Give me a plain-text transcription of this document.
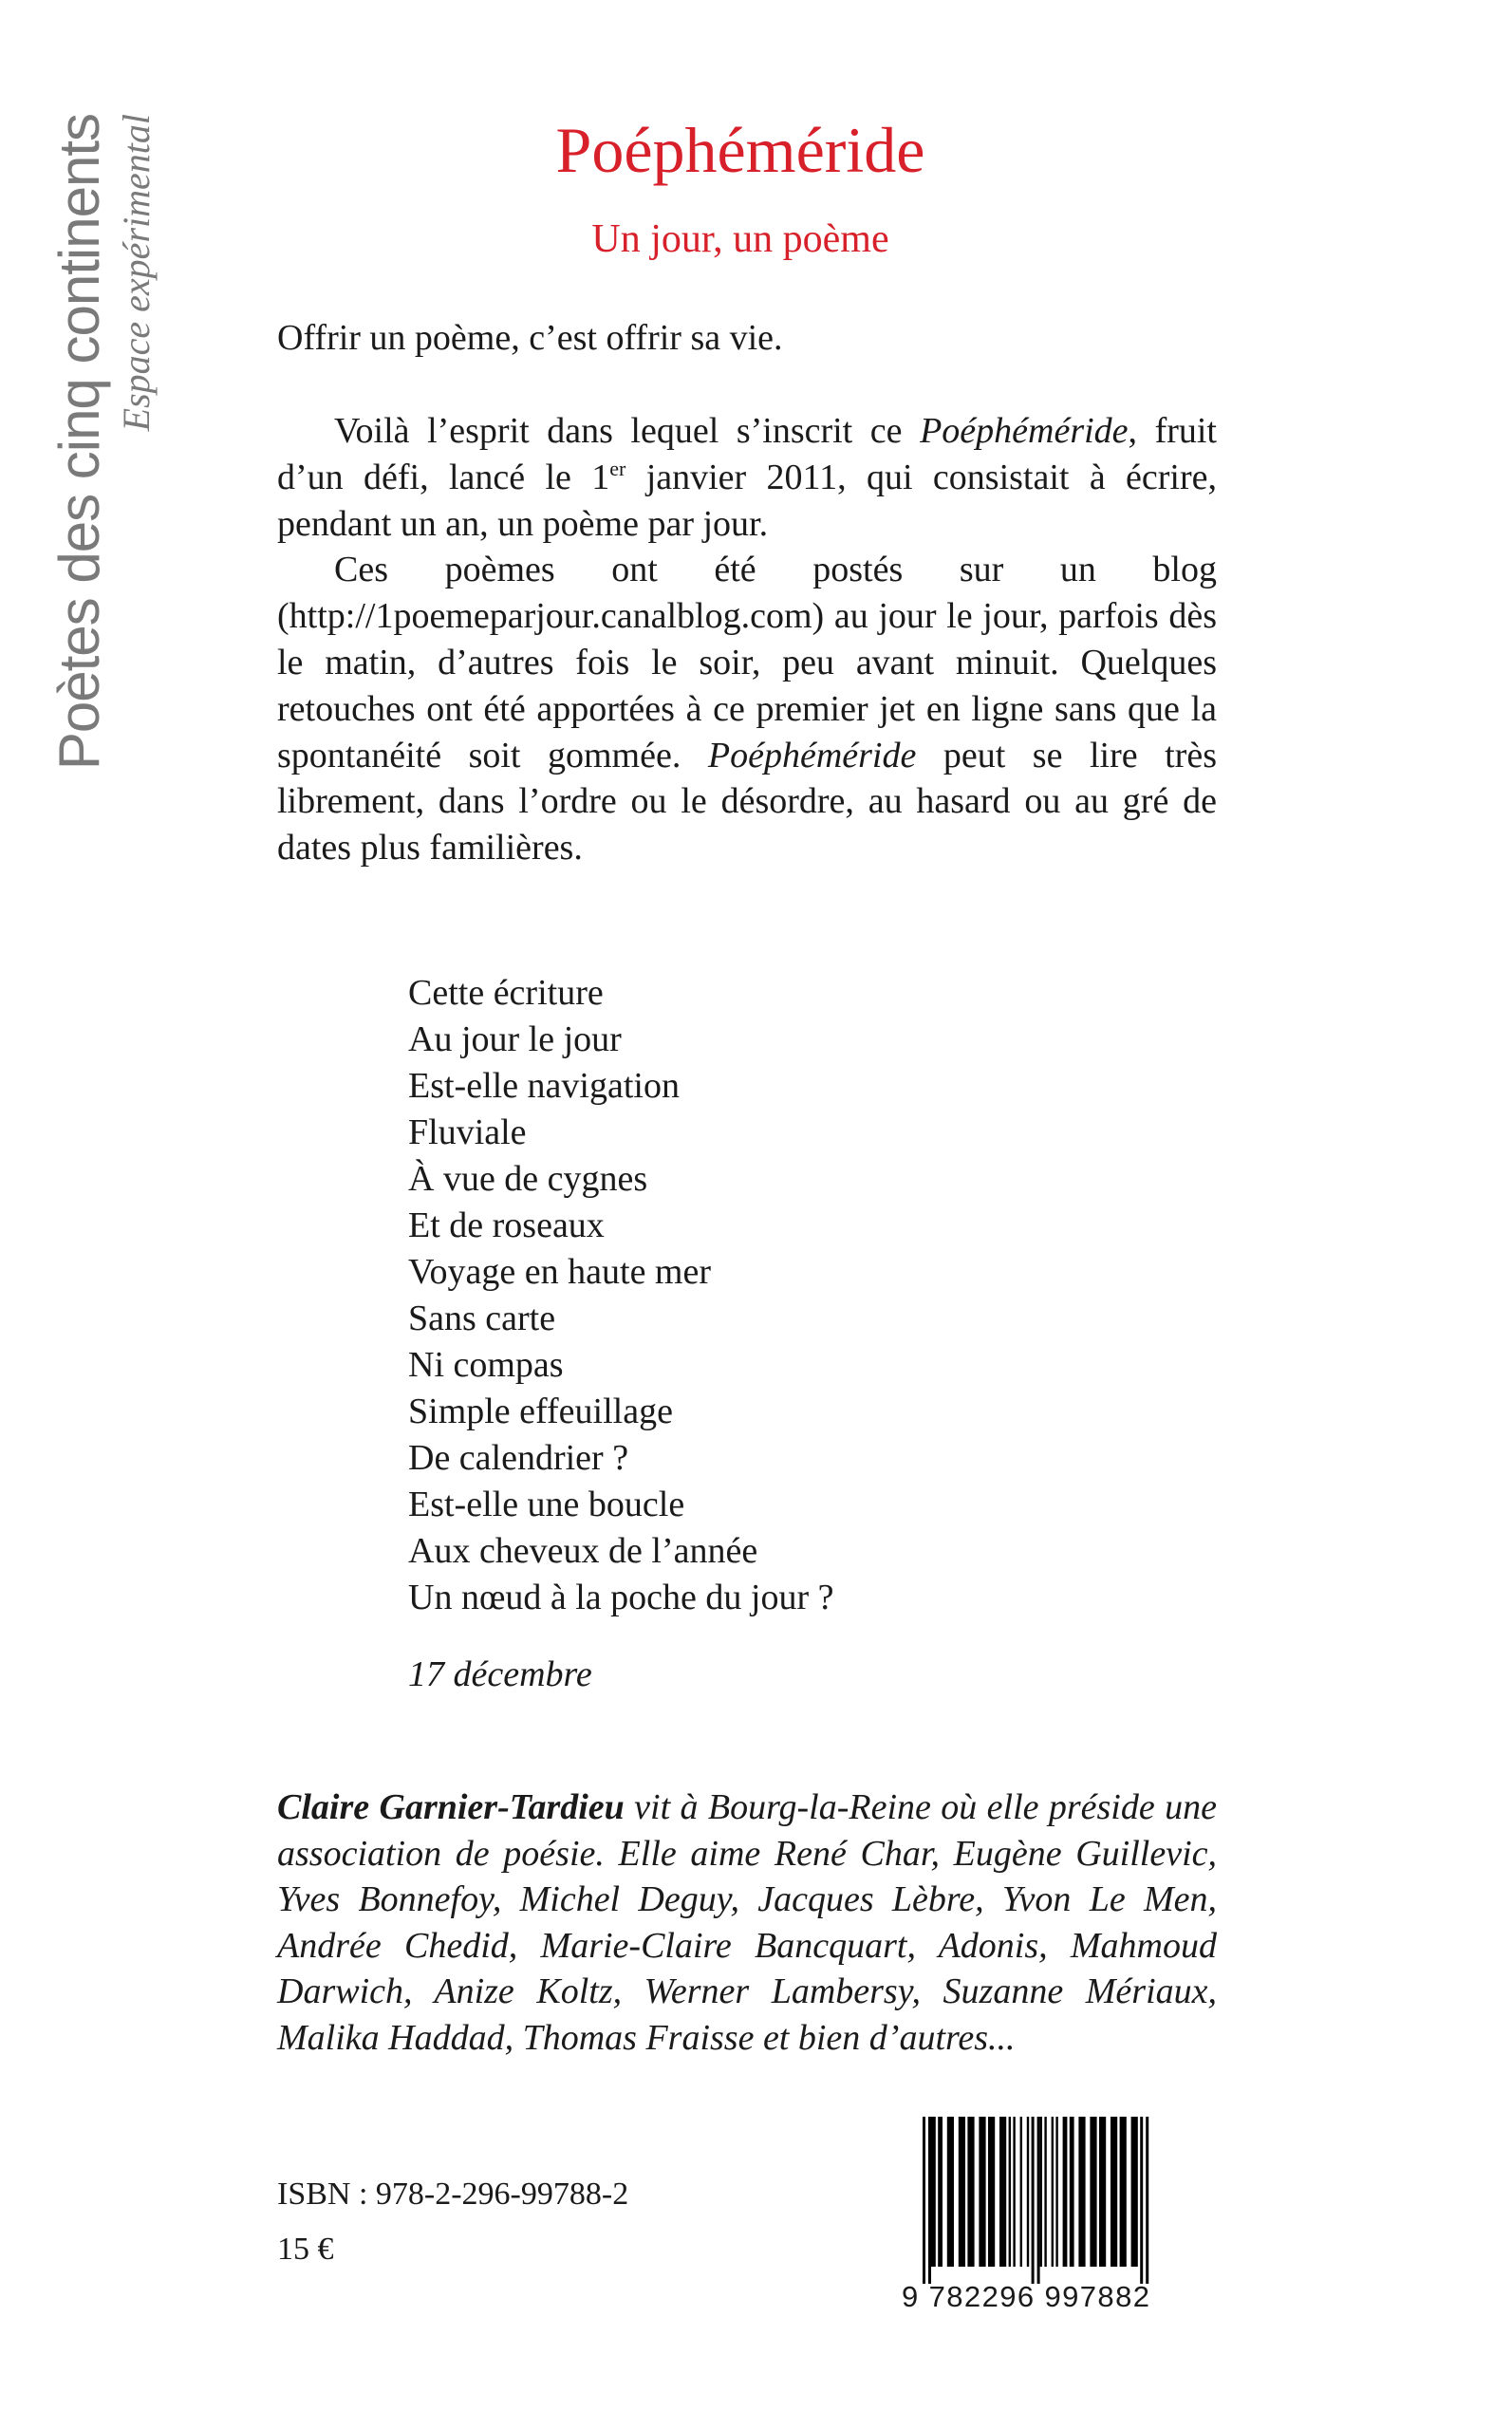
Poètes des cinq continents Espace expérimental	Poéphéméride
Un jour, un poème

Offrir un poème, c’est offrir sa vie.

Voilà l’esprit dans lequel s’inscrit ce Poéphéméride, fruit d’un défi, lancé le 1er janvier 2011, qui consistait à écrire, pendant un an, un poème par jour.

Ces poèmes ont été postés sur un blog (http://1poemeparjour.canalblog.com) au jour le jour, parfois dès le matin, d’autres fois le soir, peu avant minuit. Quelques retouches ont été apportées à ce premier jet en ligne sans que la spontanéité soit gommée. Poéphéméride peut se lire très librement, dans l’ordre ou le désordre, au hasard ou au gré de dates plus familières.

Cette écriture
Au jour le jour
Est-elle navigation
Fluviale
À vue de cygnes
Et de roseaux
Voyage en haute mer
Sans carte
Ni compas
Simple effeuillage
De calendrier ?
Est-elle une boucle
Aux cheveux de l’année
Un nœud à la poche du jour ?
17 décembre
Claire Garnier-Tardieu vit à Bourg-la-Reine où elle préside une association de poésie. Elle aime René Char, Eugène Guillevic, Yves Bonnefoy, Michel Deguy, Jacques Lèbre, Yvon Le Men, Andrée Chedid, Marie-Claire Bancquart, Adonis, Mahmoud Darwich, Anize Koltz, Werner Lambersy, Suzanne Mériaux, Malika Haddad, Thomas Fraisse et bien d’autres...
ISBN : 978-2-296-99788-2
15 €
9 782296 997882
